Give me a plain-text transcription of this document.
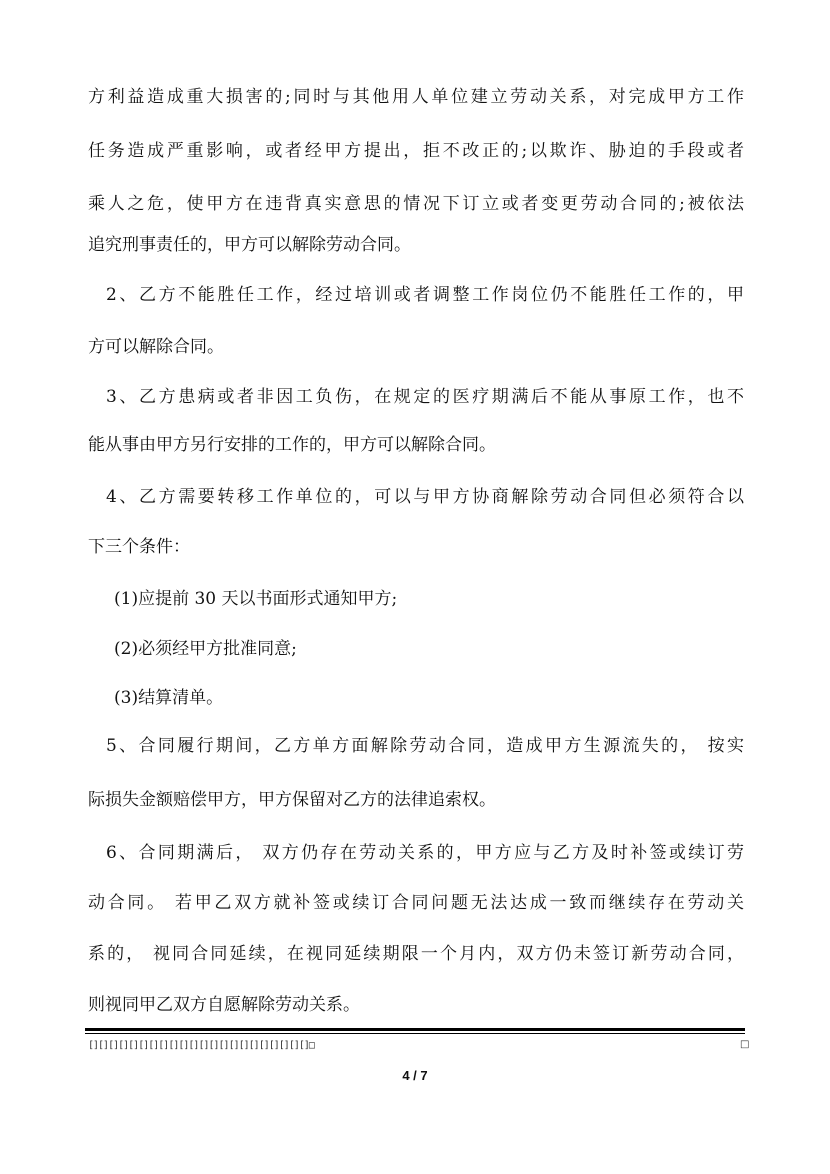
方利益造成重大损害的;同时与其他用人单位建立劳动关系，对完成甲方工作

任务造成严重影响，或者经甲方提出，拒不改正的;以欺诈、胁迫的手段或者

乘人之危，使甲方在违背真实意思的情况下订立或者变更劳动合同的;被依法

追究刑事责任的，甲方可以解除劳动合同。

2、乙方不能胜任工作，经过培训或者调整工作岗位仍不能胜任工作的，甲

方可以解除合同。

3、乙方患病或者非因工负伤，在规定的医疗期满后不能从事原工作，也不

能从事由甲方另行安排的工作的，甲方可以解除合同。

4、乙方需要转移工作单位的，可以与甲方协商解除劳动合同但必须符合以

下三个条件：

(1)应提前 30 天以书面形式通知甲方;

(2)必须经甲方批准同意;

(3)结算清单。

5、合同履行期间，乙方单方面解除劳动合同，造成甲方生源流失的， 按实

际损失金额赔偿甲方，甲方保留对乙方的法律追索权。

6、合同期满后， 双方仍存在劳动关系的，甲方应与乙方及时补签或续订劳

动合同。 若甲乙双方就补签或续订合同问题无法达成一致而继续存在劳动关

系的， 视同合同延续，在视同延续期限一个月内，双方仍未签订新劳动合同，

则视同甲乙双方自愿解除劳动关系。

[][][][][][][][][][][][][][][][][][][][][][]□	□
4 / 7
